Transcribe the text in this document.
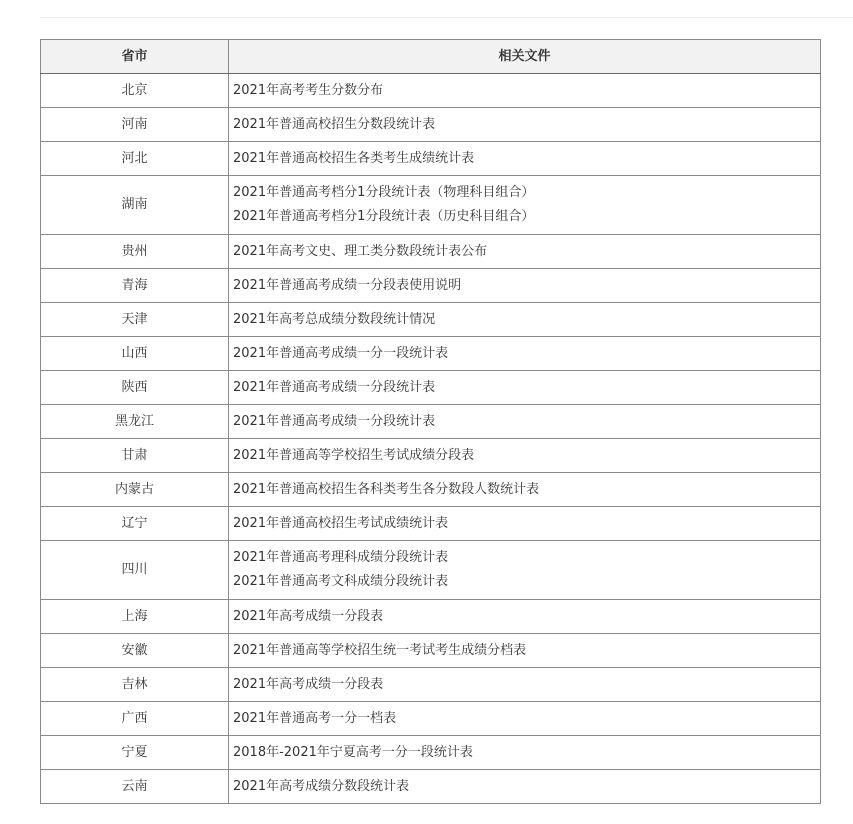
省市	相关文件
北京	2021年高考考生分数分布

河南	2021年普通高校招生分数段统计表

河北	2021年普通高校招生各类考生成绩统计表

湖南	2021年普通高考档分1分段统计表（物理科目组合）
2021年普通高考档分1分段统计表（历史科目组合）

贵州	2021年高考文史、理工类分数段统计表公布

青海	2021年普通高考成绩一分段表使用说明

天津	2021年高考总成绩分数段统计情况

山西	2021年普通高考成绩一分一段统计表

陕西	2021年普通高考成绩一分段统计表

黑龙江	2021年普通高考成绩一分段统计表

甘肃	2021年普通高等学校招生考试成绩分段表

内蒙古	2021年普通高校招生各科类考生各分数段人数统计表

辽宁	2021年普通高校招生考试成绩统计表

四川	2021年普通高考理科成绩分段统计表
2021年普通高考文科成绩分段统计表

上海	2021年高考成绩一分段表

安徽	2021年普通高等学校招生统一考试考生成绩分档表

吉林	2021年高考成绩一分段表

广西	2021年普通高考一分一档表

宁夏	2018年-2021年宁夏高考一分一段统计表

云南	2021年高考成绩分数段统计表
